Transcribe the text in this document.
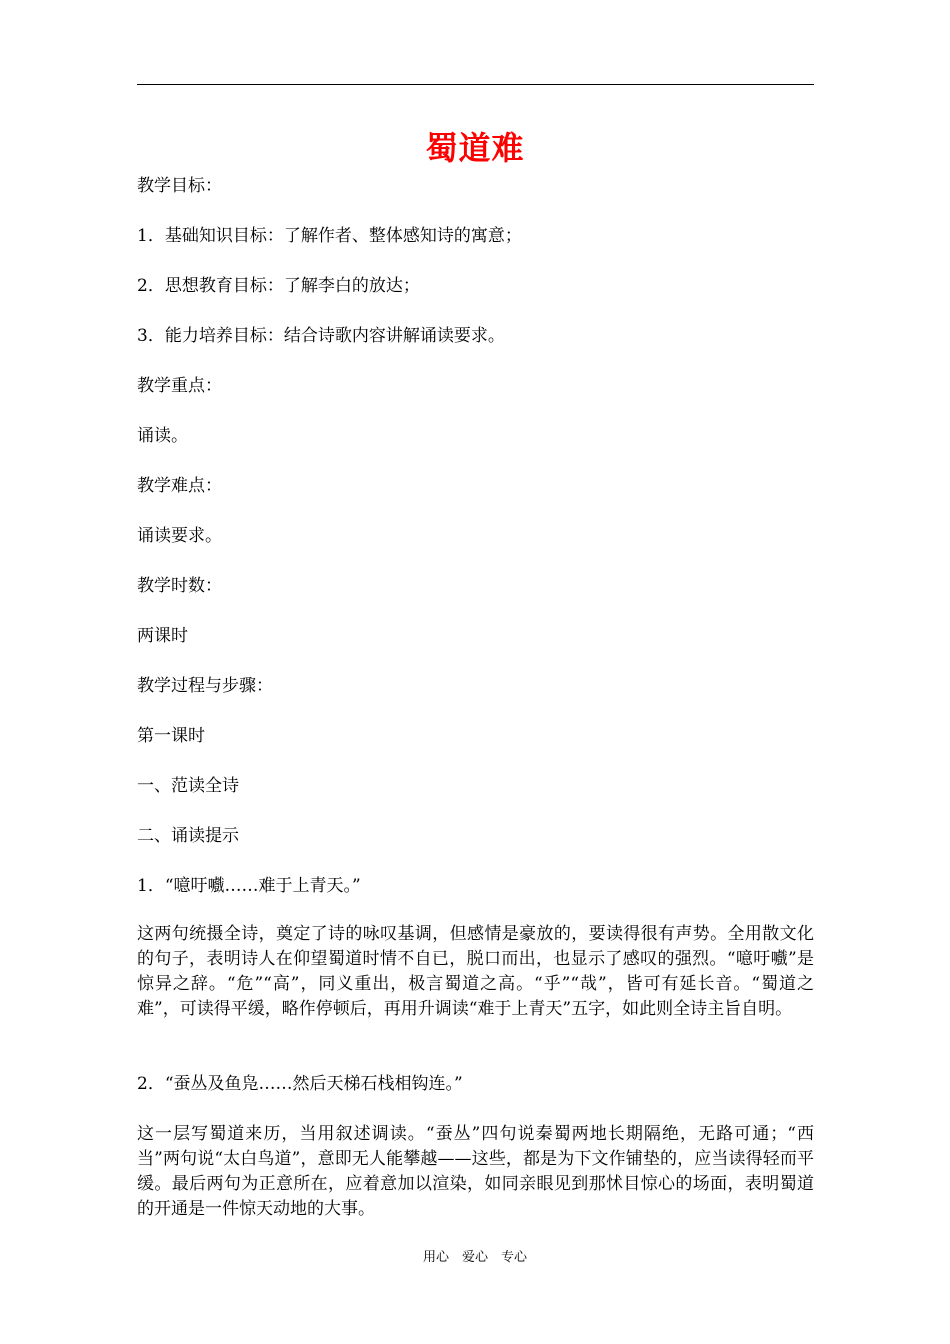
蜀道难

教学目标：

1．基础知识目标：了解作者、整体感知诗的寓意；

2．思想教育目标：了解李白的放达；

3．能力培养目标：结合诗歌内容讲解诵读要求。

教学重点：

诵读。

教学难点：

诵读要求。

教学时数：

两课时

教学过程与步骤：

第一课时

一、范读全诗

二、诵读提示

1．“噫吁嚱……难于上青天。”

这两句统摄全诗，奠定了诗的咏叹基调，但感情是豪放的，要读得很有声势。全用散文化的句子，表明诗人在仰望蜀道时情不自已，脱口而出，也显示了感叹的强烈。“噫吁嚱”是惊异之辞。“危”“高”，同义重出，极言蜀道之高。“乎”“哉”，皆可有延长音。“蜀道之难”，可读得平缓，略作停顿后，再用升调读“难于上青天”五字，如此则全诗主旨自明。

2．“蚕丛及鱼凫……然后天梯石栈相钩连。”

这一层写蜀道来历，当用叙述调读。“蚕丛”四句说秦蜀两地长期隔绝，无路可通；“西当”两句说“太白鸟道”，意即无人能攀越——这些，都是为下文作铺垫的，应当读得轻而平缓。最后两句为正意所在，应着意加以渲染，如同亲眼见到那怵目惊心的场面，表明蜀道的开通是一件惊天动地的大事。

用心　爱心　专心
